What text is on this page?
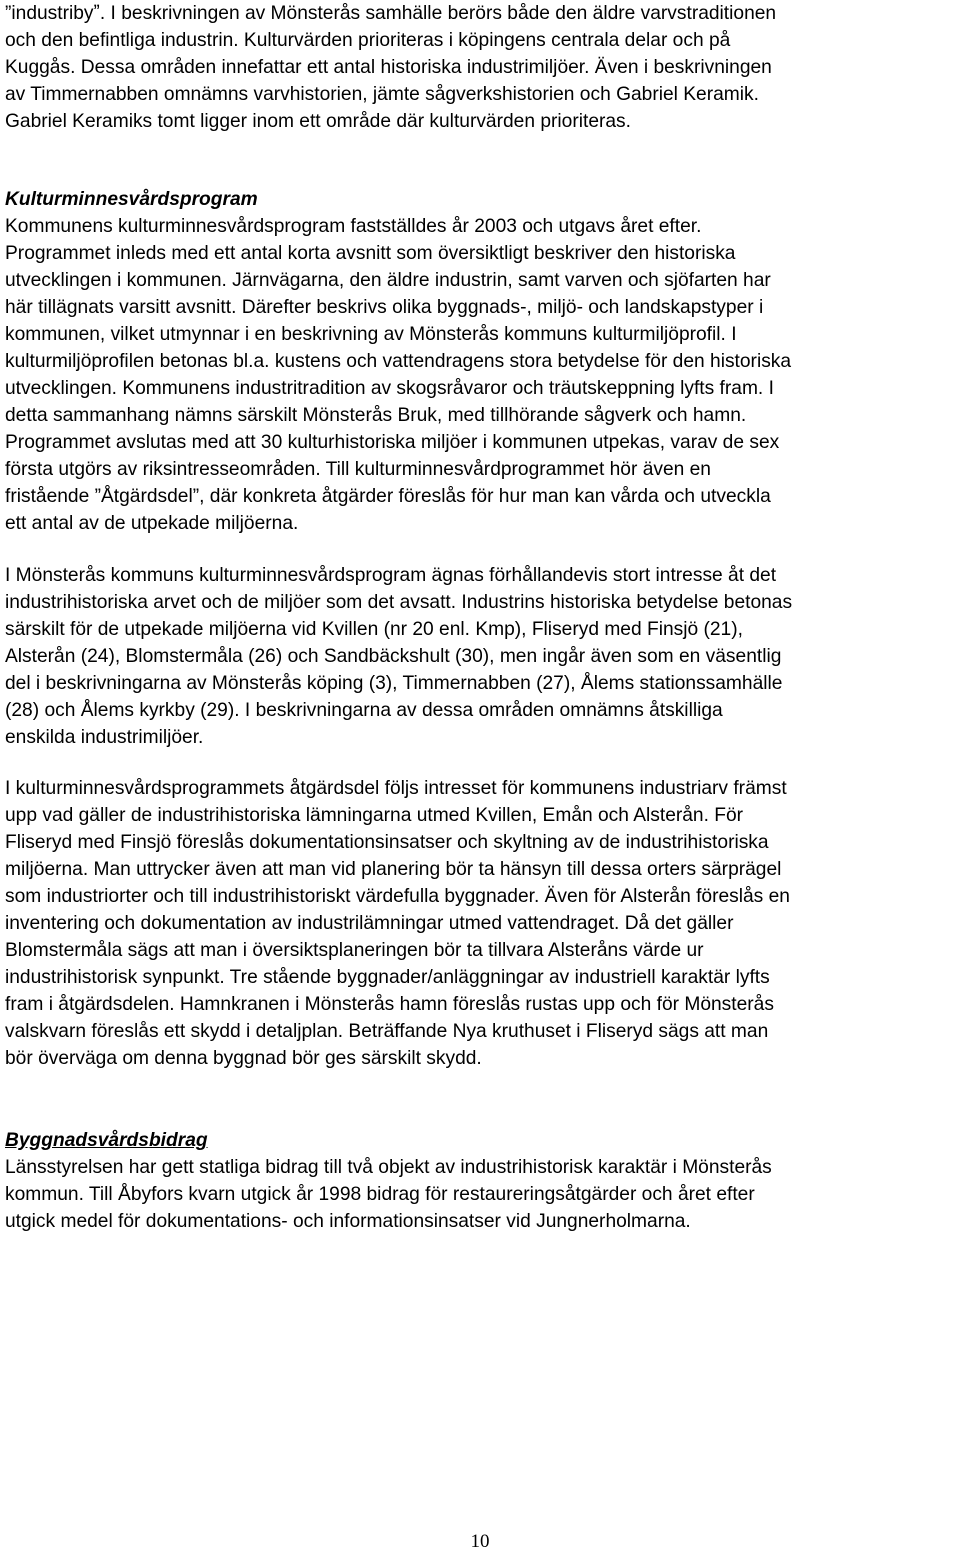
”industribyˮ. I beskrivningen av Mönsterås samhälle berörs både den äldre varvstraditionen
och den befintliga industrin. Kulturvärden prioriteras i köpingens centrala delar och på
Kuggås. Dessa områden innefattar ett antal historiska industrimiljöer. Även i beskrivningen
av Timmernabben omnämns varvhistorien, jämte sågverkshistorien och Gabriel Keramik.
Gabriel Keramiks tomt ligger inom ett område där kulturvärden prioriteras.
Kulturminnesvårdsprogram
Kommunens kulturminnesvårdsprogram fastställdes år 2003 och utgavs året efter.
Programmet inleds med ett antal korta avsnitt som översiktligt beskriver den historiska
utvecklingen i kommunen. Järnvägarna, den äldre industrin, samt varven och sjöfarten har
här tillägnats varsitt avsnitt. Därefter beskrivs olika byggnads-, miljö- och landskapstyper i
kommunen, vilket utmynnar i en beskrivning av Mönsterås kommuns kulturmiljöprofil. I
kulturmiljöprofilen betonas bl.a. kustens och vattendragens stora betydelse för den historiska
utvecklingen. Kommunens industritradition av skogsråvaror och träutskeppning lyfts fram. I
detta sammanhang nämns särskilt Mönsterås Bruk, med tillhörande sågverk och hamn.
Programmet avslutas med att 30 kulturhistoriska miljöer i kommunen utpekas, varav de sex
första utgörs av riksintresseområden. Till kulturminnesvårdprogrammet hör även en
fristående ”Åtgärdsdel”, där konkreta åtgärder föreslås för hur man kan vårda och utveckla
ett antal av de utpekade miljöerna.
I Mönsterås kommuns kulturminnesvårdsprogram ägnas förhållandevis stort intresse åt det
industrihistoriska arvet och de miljöer som det avsatt. Industrins historiska betydelse betonas
särskilt för de utpekade miljöerna vid Kvillen (nr 20 enl. Kmp), Fliseryd med Finsjö (21),
Alsterån (24), Blomstermåla (26) och Sandbäckshult (30), men ingår även som en väsentlig
del i beskrivningarna av Mönsterås köping (3), Timmernabben (27), Ålems stationssamhälle
(28) och Ålems kyrkby (29). I beskrivningarna av dessa områden omnämns åtskilliga
enskilda industrimiljöer.
I kulturminnesvårdsprogrammets åtgärdsdel följs intresset för kommunens industriarv främst
upp vad gäller de industrihistoriska lämningarna utmed Kvillen, Emån och Alsterån. För
Fliseryd med Finsjö föreslås dokumentationsinsatser och skyltning av de industrihistoriska
miljöerna. Man uttrycker även att man vid planering bör ta hänsyn till dessa orters särprägel
som industriorter och till industrihistoriskt värdefulla byggnader. Även för Alsterån föreslås en
inventering och dokumentation av industrilämningar utmed vattendraget. Då det gäller
Blomstermåla sägs att man i översiktsplaneringen bör ta tillvara Alsteråns värde ur
industrihistorisk synpunkt. Tre stående byggnader/anläggningar av industriell karaktär lyfts
fram i åtgärdsdelen. Hamnkranen i Mönsterås hamn föreslås rustas upp och för Mönsterås
valskvarn föreslås ett skydd i detaljplan. Beträffande Nya kruthuset i Fliseryd sägs att man
bör överväga om denna byggnad bör ges särskilt skydd.
Byggnadsvårdsbidrag
Länsstyrelsen har gett statliga bidrag till två objekt av industrihistorisk karaktär i Mönsterås
kommun. Till Åbyfors kvarn utgick år 1998 bidrag för restaureringsåtgärder och året efter
utgick medel för dokumentations- och informationsinsatser vid Jungnerholmarna.
10
